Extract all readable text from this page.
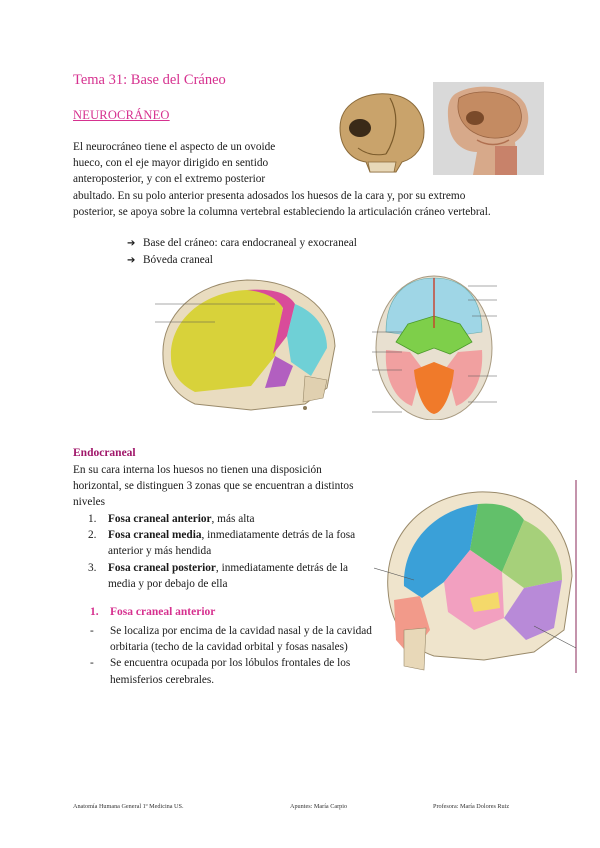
Tema 31: Base del Cráneo
NEUROCRÁNEO
El neurocráneo tiene el aspecto de un ovoide
hueco, con el eje mayor dirigido en sentido
anteroposterior, y con el extremo posterior
abultado. En su polo anterior presenta adosados los huesos de la cara y, por su extremo
posterior, se apoya sobre la columna vertebral estableciendo la articulación cráneo vertebral.
➔ Base del cráneo: cara endocraneal y exocraneal
➔ Bóveda craneal
Endocraneal
En su cara interna los huesos no tienen una disposición horizontal, se distinguen 3 zonas que se encuentran a distintos niveles
1. Fosa craneal anterior, más alta
2. Fosa craneal media, inmediatamente detrás de la fosa anterior y más hendida
3. Fosa craneal posterior, inmediatamente detrás de la media y por debajo de ella
1. Fosa craneal anterior
- Se localiza por encima de la cavidad nasal y de la cavidad orbitaria (techo de la cavidad orbital y fosas nasales)
- Se encuentra ocupada por los lóbulos frontales de los hemisferios cerebrales.
Anatomía Humana General 1º Medicina US.	Apuntes: María Carpio	Profesora: María Dolores Ruiz
